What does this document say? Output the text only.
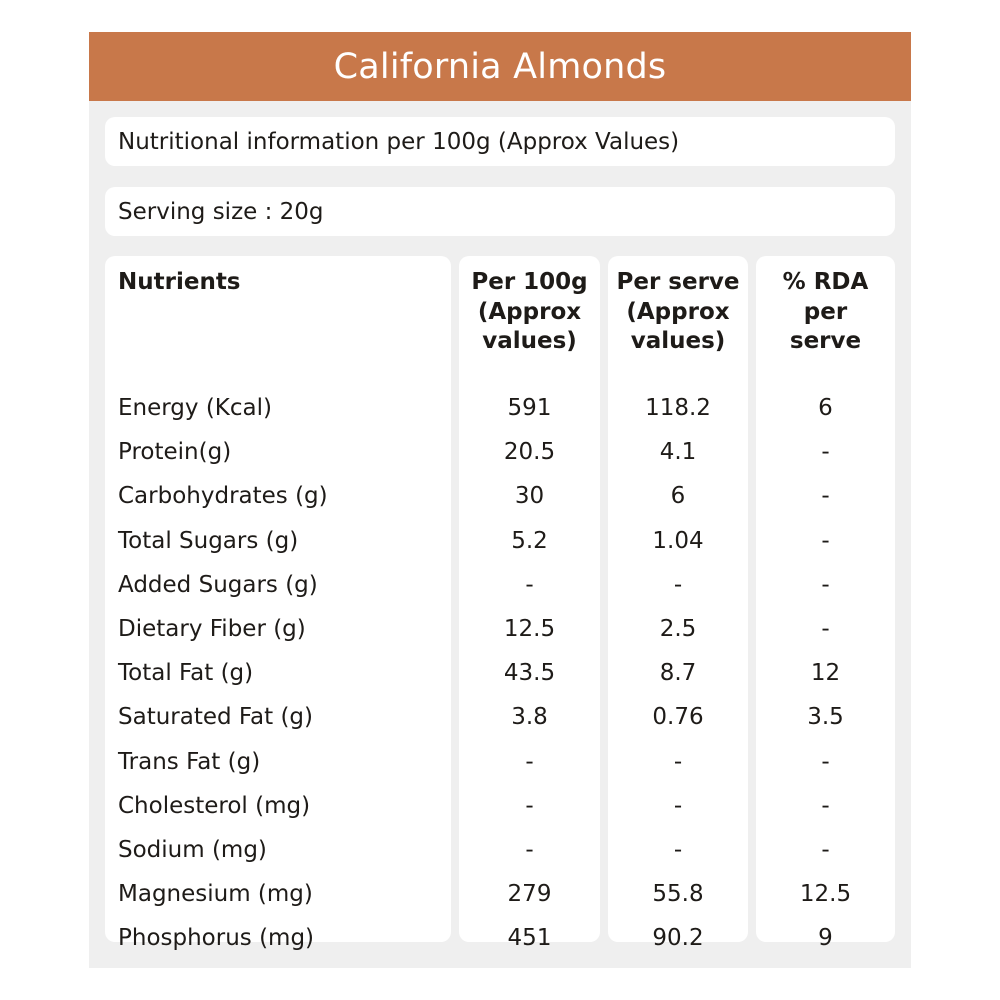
California Almonds
Nutritional information per 100g (Approx Values)
Serving size : 20g
Nutrients
Energy (Kcal)
Protein(g)
Carbohydrates (g)
Total Sugars (g)
Added Sugars (g)
Dietary Fiber (g)
Total Fat (g)
Saturated Fat (g)
Trans Fat (g)
Cholesterol (mg)
Sodium (mg)
Magnesium (mg)
Phosphorus (mg)
Per 100g
(Approx
values)
591
20.5
30
5.2
-
12.5
43.5
3.8
-
-
-
279
451
Per serve
(Approx
values)
118.2
4.1
6
1.04
-
2.5
8.7
0.76
-
-
-
55.8
90.2
% RDA
per
serve
6
-
-
-
-
-
12
3.5
-
-
-
12.5
9
